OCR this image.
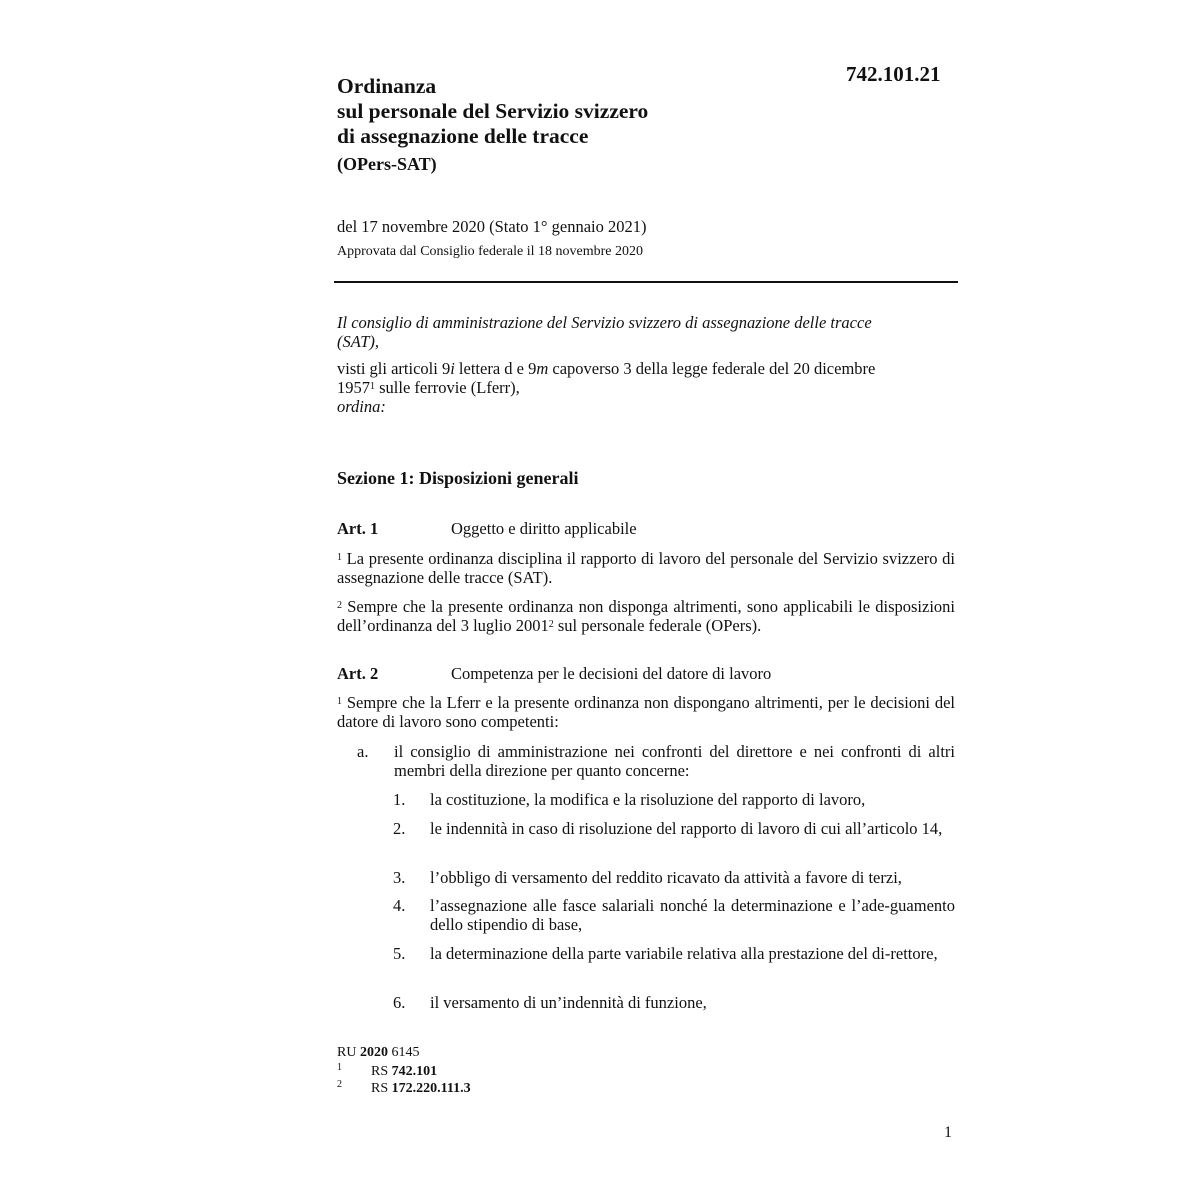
742.101.21
Ordinanza
sul personale del Servizio svizzero
di assegnazione delle tracce
(OPers-SAT)
del 17 novembre 2020 (Stato 1° gennaio 2021)
Approvata dal Consiglio federale il 18 novembre 2020

Il consiglio di amministrazione del Servizio svizzero di assegnazione delle tracce
(SAT),

visti gli articoli 9i lettera d e 9m capoverso 3 della legge federale del 20 dicembre
1957$^1$ sulle ferrovie (Lferr),

ordina:

Sezione 1: Disposizioni generali
Art. 1	Oggetto e diritto applicabile
$^1$ La presente ordinanza disciplina il rapporto di lavoro del personale del Servizio svizzero di assegnazione delle tracce (SAT).
$^2$ Sempre che la presente ordinanza non disponga altrimenti, sono applicabili le disposizioni dell’ordinanza del 3 luglio 2001$^2$ sul personale federale (OPers).
Art. 2	Competenza per le decisioni del datore di lavoro
$^1$ Sempre che la Lferr e la presente ordinanza non dispongano altrimenti, per le decisioni del datore di lavoro sono competenti:
a. il consiglio di amministrazione nei confronti del direttore e nei confronti di altri membri della direzione per quanto concerne:
1. la costituzione, la modifica e la risoluzione del rapporto di lavoro,
2. le indennità in caso di risoluzione del rapporto di lavoro di cui all’articolo 14,
3. l’obbligo di versamento del reddito ricavato da attività a favore di terzi,
4. l’assegnazione alle fasce salariali nonché la determinazione e l’ade-guamento dello stipendio di base,
5. la determinazione della parte variabile relativa alla prestazione del di-rettore,
6. il versamento di un’indennità di funzione,
RU 2020 6145
1 RS 742.101
2 RS 172.220.111.3
1
